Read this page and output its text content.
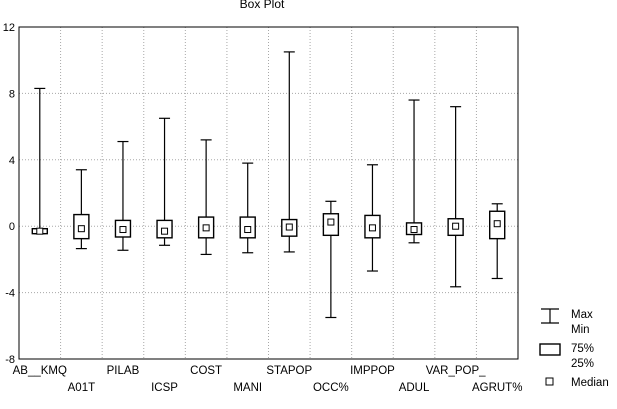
Box Plot
-8
-4
0
4
8
12
AB__KMQ
A01T
PILAB
ICSP
COST
MANI
STAPOP
OCC%
IMPPOP
ADUL
VAR_POP_
AGRUT%
Max
Min
75%
25%
Median
